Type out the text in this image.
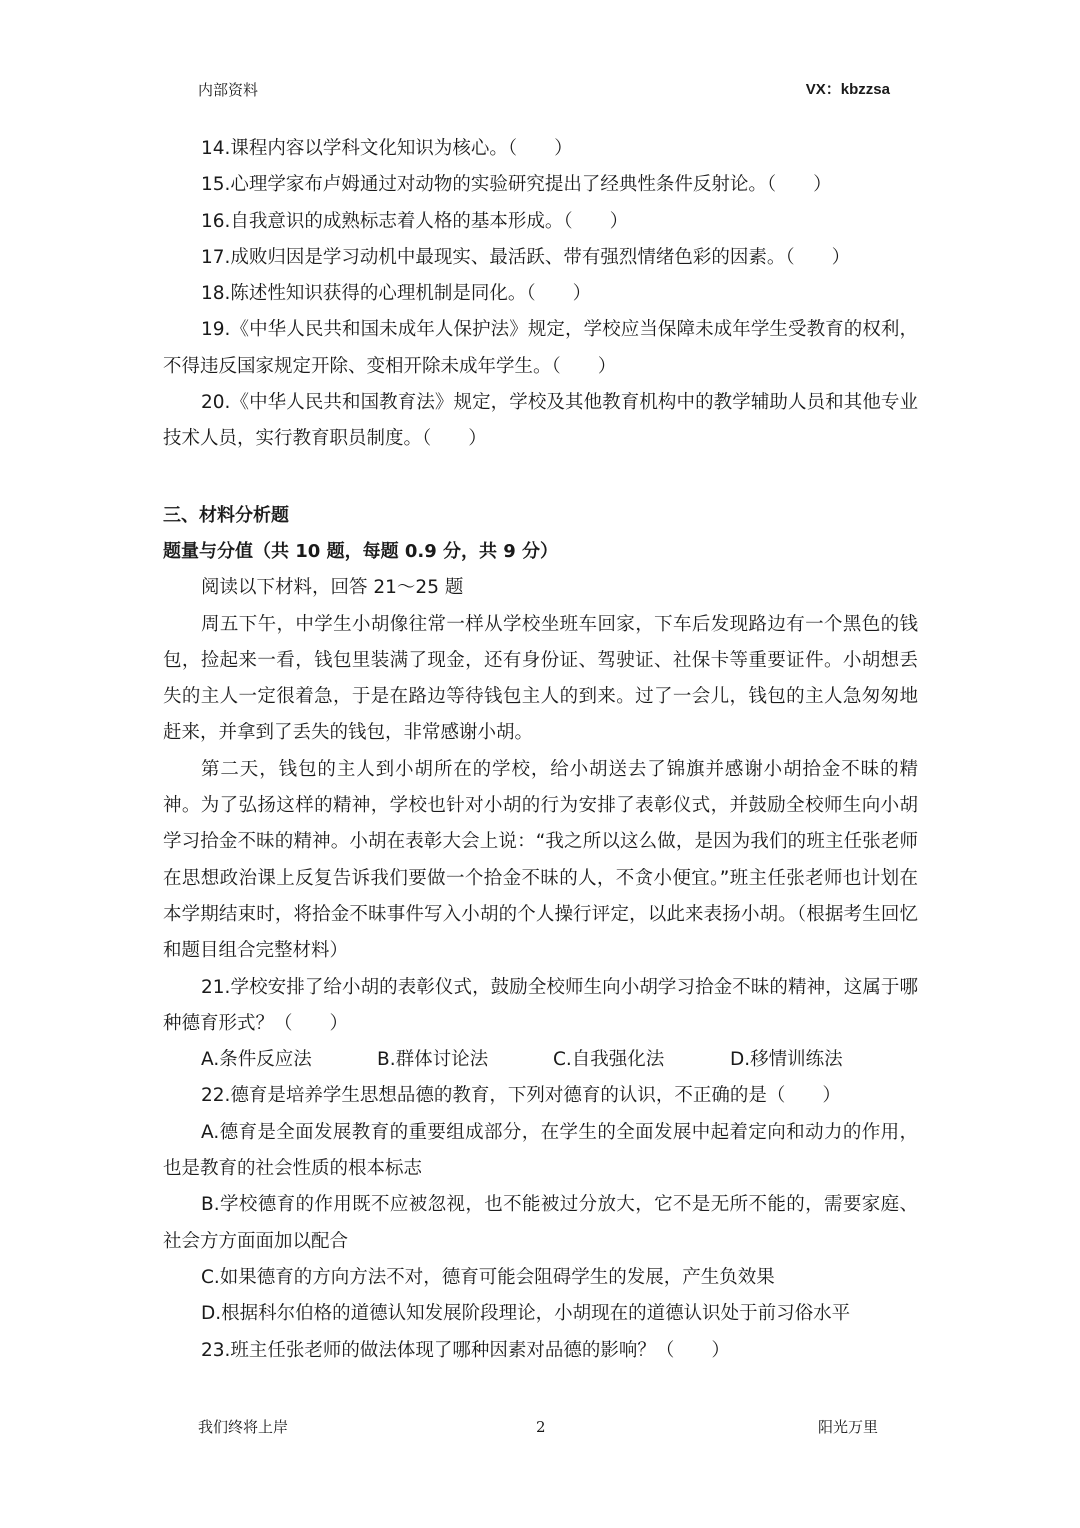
内部资料	VX：kbzzsa

14.课程内容以学科文化知识为核心。（　　）

15.心理学家布卢姆通过对动物的实验研究提出了经典性条件反射论。（　　）

16.自我意识的成熟标志着人格的基本形成。（　　）

17.成败归因是学习动机中最现实、最活跃、带有强烈情绪色彩的因素。（　　）

18.陈述性知识获得的心理机制是同化。（　　）

19.《中华人民共和国未成年人保护法》规定，学校应当保障未成年学生受教育的权利，不得违反国家规定开除、变相开除未成年学生。（　　）

20.《中华人民共和国教育法》规定，学校及其他教育机构中的教学辅助人员和其他专业技术人员，实行教育职员制度。（　　）

三、材料分析题

题量与分值（共 10 题，每题 0.9 分，共 9 分）

阅读以下材料，回答 21～25 题

周五下午，中学生小胡像往常一样从学校坐班车回家，下车后发现路边有一个黑色的钱包，捡起来一看，钱包里装满了现金，还有身份证、驾驶证、社保卡等重要证件。小胡想丢失的主人一定很着急，于是在路边等待钱包主人的到来。过了一会儿，钱包的主人急匆匆地赶来，并拿到了丢失的钱包，非常感谢小胡。

第二天，钱包的主人到小胡所在的学校，给小胡送去了锦旗并感谢小胡拾金不昧的精神。为了弘扬这样的精神，学校也针对小胡的行为安排了表彰仪式，并鼓励全校师生向小胡学习拾金不昧的精神。小胡在表彰大会上说：“我之所以这么做，是因为我们的班主任张老师在思想政治课上反复告诉我们要做一个拾金不昧的人，不贪小便宜。”班主任张老师也计划在本学期结束时，将拾金不昧事件写入小胡的个人操行评定，以此来表扬小胡。（根据考生回忆和题目组合完整材料）

21.学校安排了给小胡的表彰仪式，鼓励全校师生向小胡学习拾金不昧的精神，这属于哪种德育形式？（　　）

A.条件反应法	B.群体讨论法	C.自我强化法	D.移情训练法

22.德育是培养学生思想品德的教育，下列对德育的认识，不正确的是（　　）

A.德育是全面发展教育的重要组成部分，在学生的全面发展中起着定向和动力的作用，也是教育的社会性质的根本标志

B.学校德育的作用既不应被忽视，也不能被过分放大，它不是无所不能的，需要家庭、社会方方面面加以配合

C.如果德育的方向方法不对，德育可能会阻碍学生的发展，产生负效果

D.根据科尔伯格的道德认知发展阶段理论，小胡现在的道德认识处于前习俗水平

23.班主任张老师的做法体现了哪种因素对品德的影响？（　　）

我们终将上岸	2	阳光万里
